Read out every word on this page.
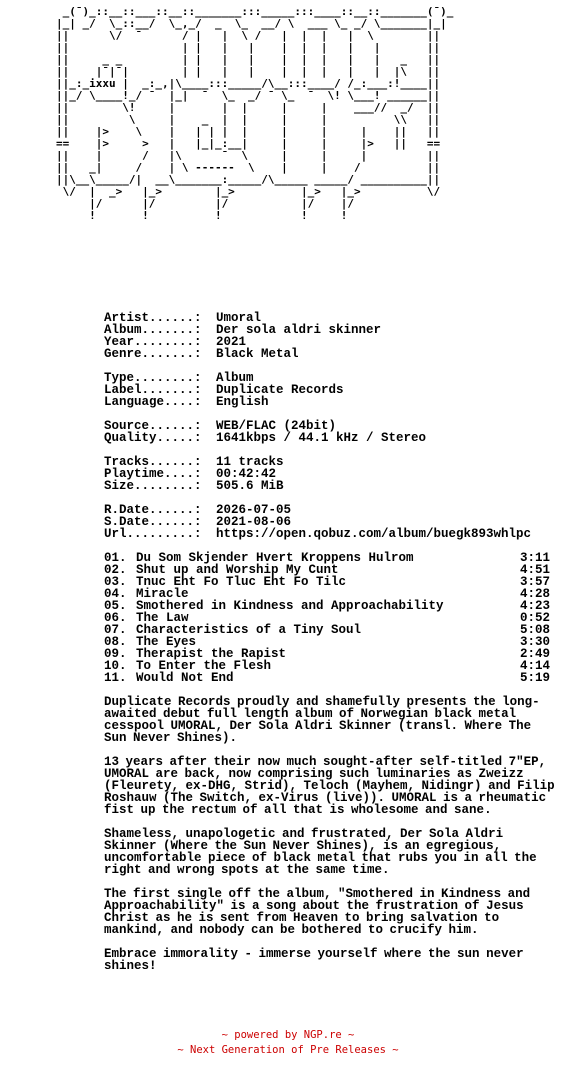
_(¯)_::__::___::__::_______:::_____:::____::__::_______(¯)_
|_| _/  \_::__/  \_,_/  _  \_  __/ \  ___ \_ _/ \_______|_|
||      \/  ¯      / |   |  \ /   |  |  |   |  \        ||
||                 | |   |   |    |  |  |   |   |       ||
||     _ _         | |   |   |    |  |  |   |   |   _   ||
||    |¯|¯|        | |   |   |    |  |  |   |   |  |\   ||
||_:_ixxu |  _:_,|\____:::_____/\__:::____/ /_:___:!____||
||_/ \____!_/ ¯  |_|  ¯  \_  _/ ¯ \_  ¯  \! \___! ______||
||        \!     |       |  |     |     |    ___//  _/  ||
||         \     |    _  |  |     |     |          \\   ||
||    |>    \    |   | | |  |     |     |     |    ||   ||
==    |>     >   |   |_|_:__|     |     |     |>   ||   ==
||    |      /   |\      ¯  \     |     |     |         ||
||   _|     /    | \ ------  \    |     |    /          ||
||\__\_____/|  __\_______:_____/\_____ _____/ __________||
\/  |  _>   |_>        |_>          |_>   |_>          \/
|/      |/         |/           |/    |/
!       !          !            !     !
Artist......: Umoral
Album.......: Der sola aldri skinner
Year........: 2021
Genre.......: Black Metal
Type........: Album
Label.......: Duplicate Records
Language....: English
Source......: WEB/FLAC (24bit)
Quality.....: 1641kbps / 44.1 kHz / Stereo
Tracks......: 11 tracks
Playtime....: 00:42:42
Size........: 505.6 MiB
R.Date......: 2026-07-05
S.Date......: 2021-08-06
Url.........: https://open.qobuz.com/album/buegk893whlpc
01. Du Som Skjender Hvert Kroppens Hulrom	3:11
02. Shut up and Worship My Cunt	4:51
03. Tnuc Eht Fo Tluc Eht Fo Tilc	3:57
04. Miracle	4:28
05. Smothered in Kindness and Approachability	4:23
06. The Law	0:52
07. Characteristics of a Tiny Soul	5:08
08. The Eyes	3:30
09. Therapist the Rapist	2:49
10. To Enter the Flesh	4:14
11. Would Not End	5:19

Duplicate Records proudly and shamefully presents the long-awaited debut full length album of Norwegian black metal cesspool UMORAL, Der Sola Aldri Skinner (transl. Where The Sun Never Shines).

13 years after their now much sought-after self-titled 7"EP, UMORAL are back, now comprising such luminaries as Zweizz (Fleurety, ex-DHG, Strid), Teloch (Mayhem, Nidingr) and Filip Roshauw (The Switch, ex-Virus (live)). UMORAL is a rheumatic fist up the rectum of all that is wholesome and sane.

Shameless, unapologetic and frustrated, Der Sola Aldri Skinner (Where the Sun Never Shines), is an egregious, uncomfortable piece of black metal that rubs you in all the right and wrong spots at the same time.

The first single off the album, "Smothered in Kindness and Approachability" is a song about the frustration of Jesus Christ as he is sent from Heaven to bring salvation to mankind, and nobody can be bothered to crucify him.

Embrace immorality - immerse yourself where the sun never shines!

~ powered by NGP.re ~
~ Next Generation of Pre Releases ~
